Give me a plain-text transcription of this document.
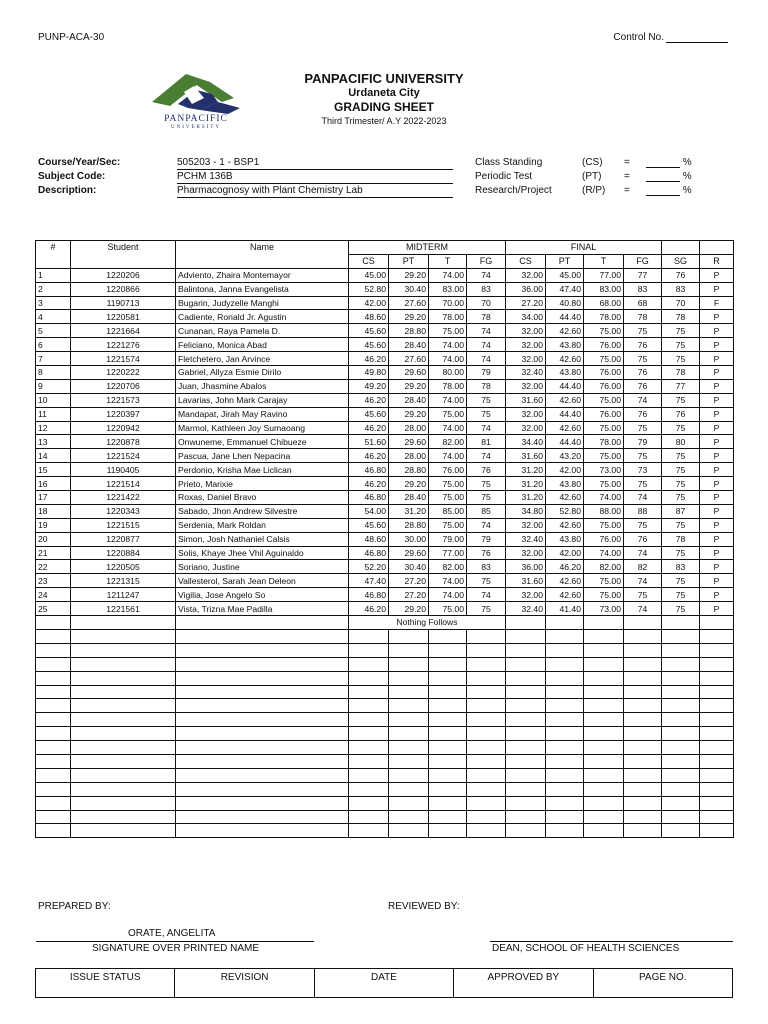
PUNP-ACA-30	Control No.
PANPACIFIC
UNIVERSITY
PANPACIFIC UNIVERSITY
Urdaneta City
GRADING SHEET
Third Trimester/ A.Y 2022-2023
Course/Year/Sec:	505203 - 1 - BSP1
Subject Code:	PCHM 136B
Description:	Pharmacognosy with Plant Chemistry Lab
Class Standing	(CS) =	%
Periodic Test	(PT) =	%
Research/Project	(R/P) =	%
#	Student	Name	MIDTERM				FINAL					
			CS	PT	T	FG	CS	PT	T	FG	SG	R
1	1220206	Adviento, Zhaira Montemayor	45.00	29.20	74.00	74	32.00	45.00	77.00	77	76	P
2	1220866	Balintona, Janna Evangelista	52.80	30.40	83.00	83	36.00	47.40	83.00	83	83	P
3	1190713	Bugarin, Judyzelle Manghi	42.00	27.60	70.00	70	27.20	40.80	68.00	68	70	F
4	1220581	Cadiente, Ronald Jr. Agustin	48.60	29.20	78.00	78	34.00	44.40	78.00	78	78	P
5	1221664	Cunanan, Raya Pamela D.	45.60	28.80	75.00	74	32.00	42.60	75.00	75	75	P
6	1221276	Feliciano, Monica Abad	45.60	28.40	74.00	74	32.00	43.80	76.00	76	75	P
7	1221574	Fletchetero, Jan Arvince	46.20	27.60	74.00	74	32.00	42.60	75.00	75	75	P
8	1220222	Gabriel, Allyza Esmie Dirilo	49.80	29.60	80.00	79	32.40	43.80	76.00	76	78	P
9	1220706	Juan, Jhasmine Abalos	49.20	29.20	78.00	78	32.00	44.40	76.00	76	77	P
10	1221573	Lavarias, John Mark Carajay	46.20	28.40	74.00	75	31.60	42.60	75.00	74	75	P
11	1220397	Mandapat, Jirah May Ravino	45.60	29.20	75.00	75	32.00	44.40	76.00	76	76	P
12	1220942	Marmol, Kathleen Joy Sumaoang	46.20	28.00	74.00	74	32.00	42.60	75.00	75	75	P
13	1220878	Onwuneme, Emmanuel Chibueze	51.60	29.60	82.00	81	34.40	44.40	78.00	79	80	P
14	1221524	Pascua, Jane Lhen Nepacina	46.20	28.00	74.00	74	31.60	43.20	75.00	75	75	P
15	1190405	Perdonio, Krisha Mae Liclican	46.80	28.80	76.00	76	31.20	42.00	73.00	73	75	P
16	1221514	Prieto, Marixie	46.20	29.20	75.00	75	31.20	43.80	75.00	75	75	P
17	1221422	Roxas, Daniel Bravo	46.80	28.40	75.00	75	31.20	42.60	74.00	74	75	P
18	1220343	Sabado, Jhon Andrew Silvestre	54.00	31.20	85.00	85	34.80	52.80	88.00	88	87	P
19	1221515	Serdenia, Mark Roldan	45.60	28.80	75.00	74	32.00	42.60	75.00	75	75	P
20	1220877	Simon, Josh Nathaniel Calsis	48.60	30.00	79.00	79	32.40	43.80	76.00	76	78	P
21	1220884	Solis, Khaye Jhee Vhil Aguinaldo	46.80	29.60	77.00	76	32.00	42.00	74.00	74	75	P
22	1220505	Soriano, Justine	52.20	30.40	82.00	83	36.00	46.20	82.00	82	83	P
23	1221315	Vallesterol, Sarah Jean Deleon	47.40	27.20	74.00	75	31.60	42.60	75.00	74	75	P
24	1211247	Vigilia, Jose Angelo So	46.80	27.20	74.00	74	32.00	42.60	75.00	75	75	P
25	1221561	Vista, Trizna Mae Padilla	46.20	29.20	75.00	75	32.40	41.40	73.00	74	75	P
			Nothing Follows									

PREPARED BY:	REVIEWED BY:
ORATE, ANGELITA
SIGNATURE OVER PRINTED NAME	DEAN, SCHOOL OF HEALTH SCIENCES
ISSUE STATUS	REVISION	DATE	APPROVED BY	PAGE NO.
